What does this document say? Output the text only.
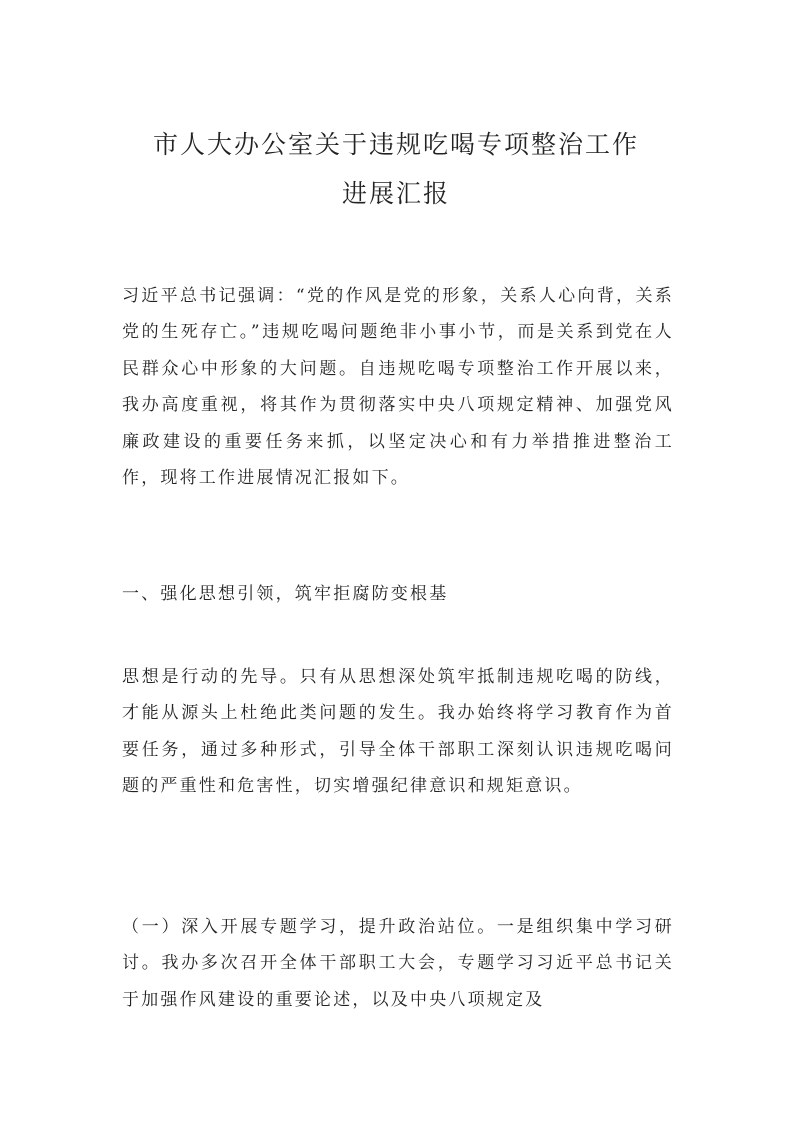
市人大办公室关于违规吃喝专项整治工作
进展汇报

习近平总书记强调：“党的作风是党的形象，关系人心向背，关系党的生死存亡。”违规吃喝问题绝非小事小节，而是关系到党在人民群众心中形象的大问题。自违规吃喝专项整治工作开展以来，我办高度重视，将其作为贯彻落实中央八项规定精神、加强党风廉政建设的重要任务来抓，以坚定决心和有力举措推进整治工作，现将工作进展情况汇报如下。

一、强化思想引领，筑牢拒腐防变根基

思想是行动的先导。只有从思想深处筑牢抵制违规吃喝的防线，才能从源头上杜绝此类问题的发生。我办始终将学习教育作为首要任务，通过多种形式，引导全体干部职工深刻认识违规吃喝问题的严重性和危害性，切实增强纪律意识和规矩意识。

（一）深入开展专题学习，提升政治站位。一是组织集中学习研讨。我办多次召开全体干部职工大会，专题学习习近平总书记关于加强作风建设的重要论述，以及中央八项规定及
